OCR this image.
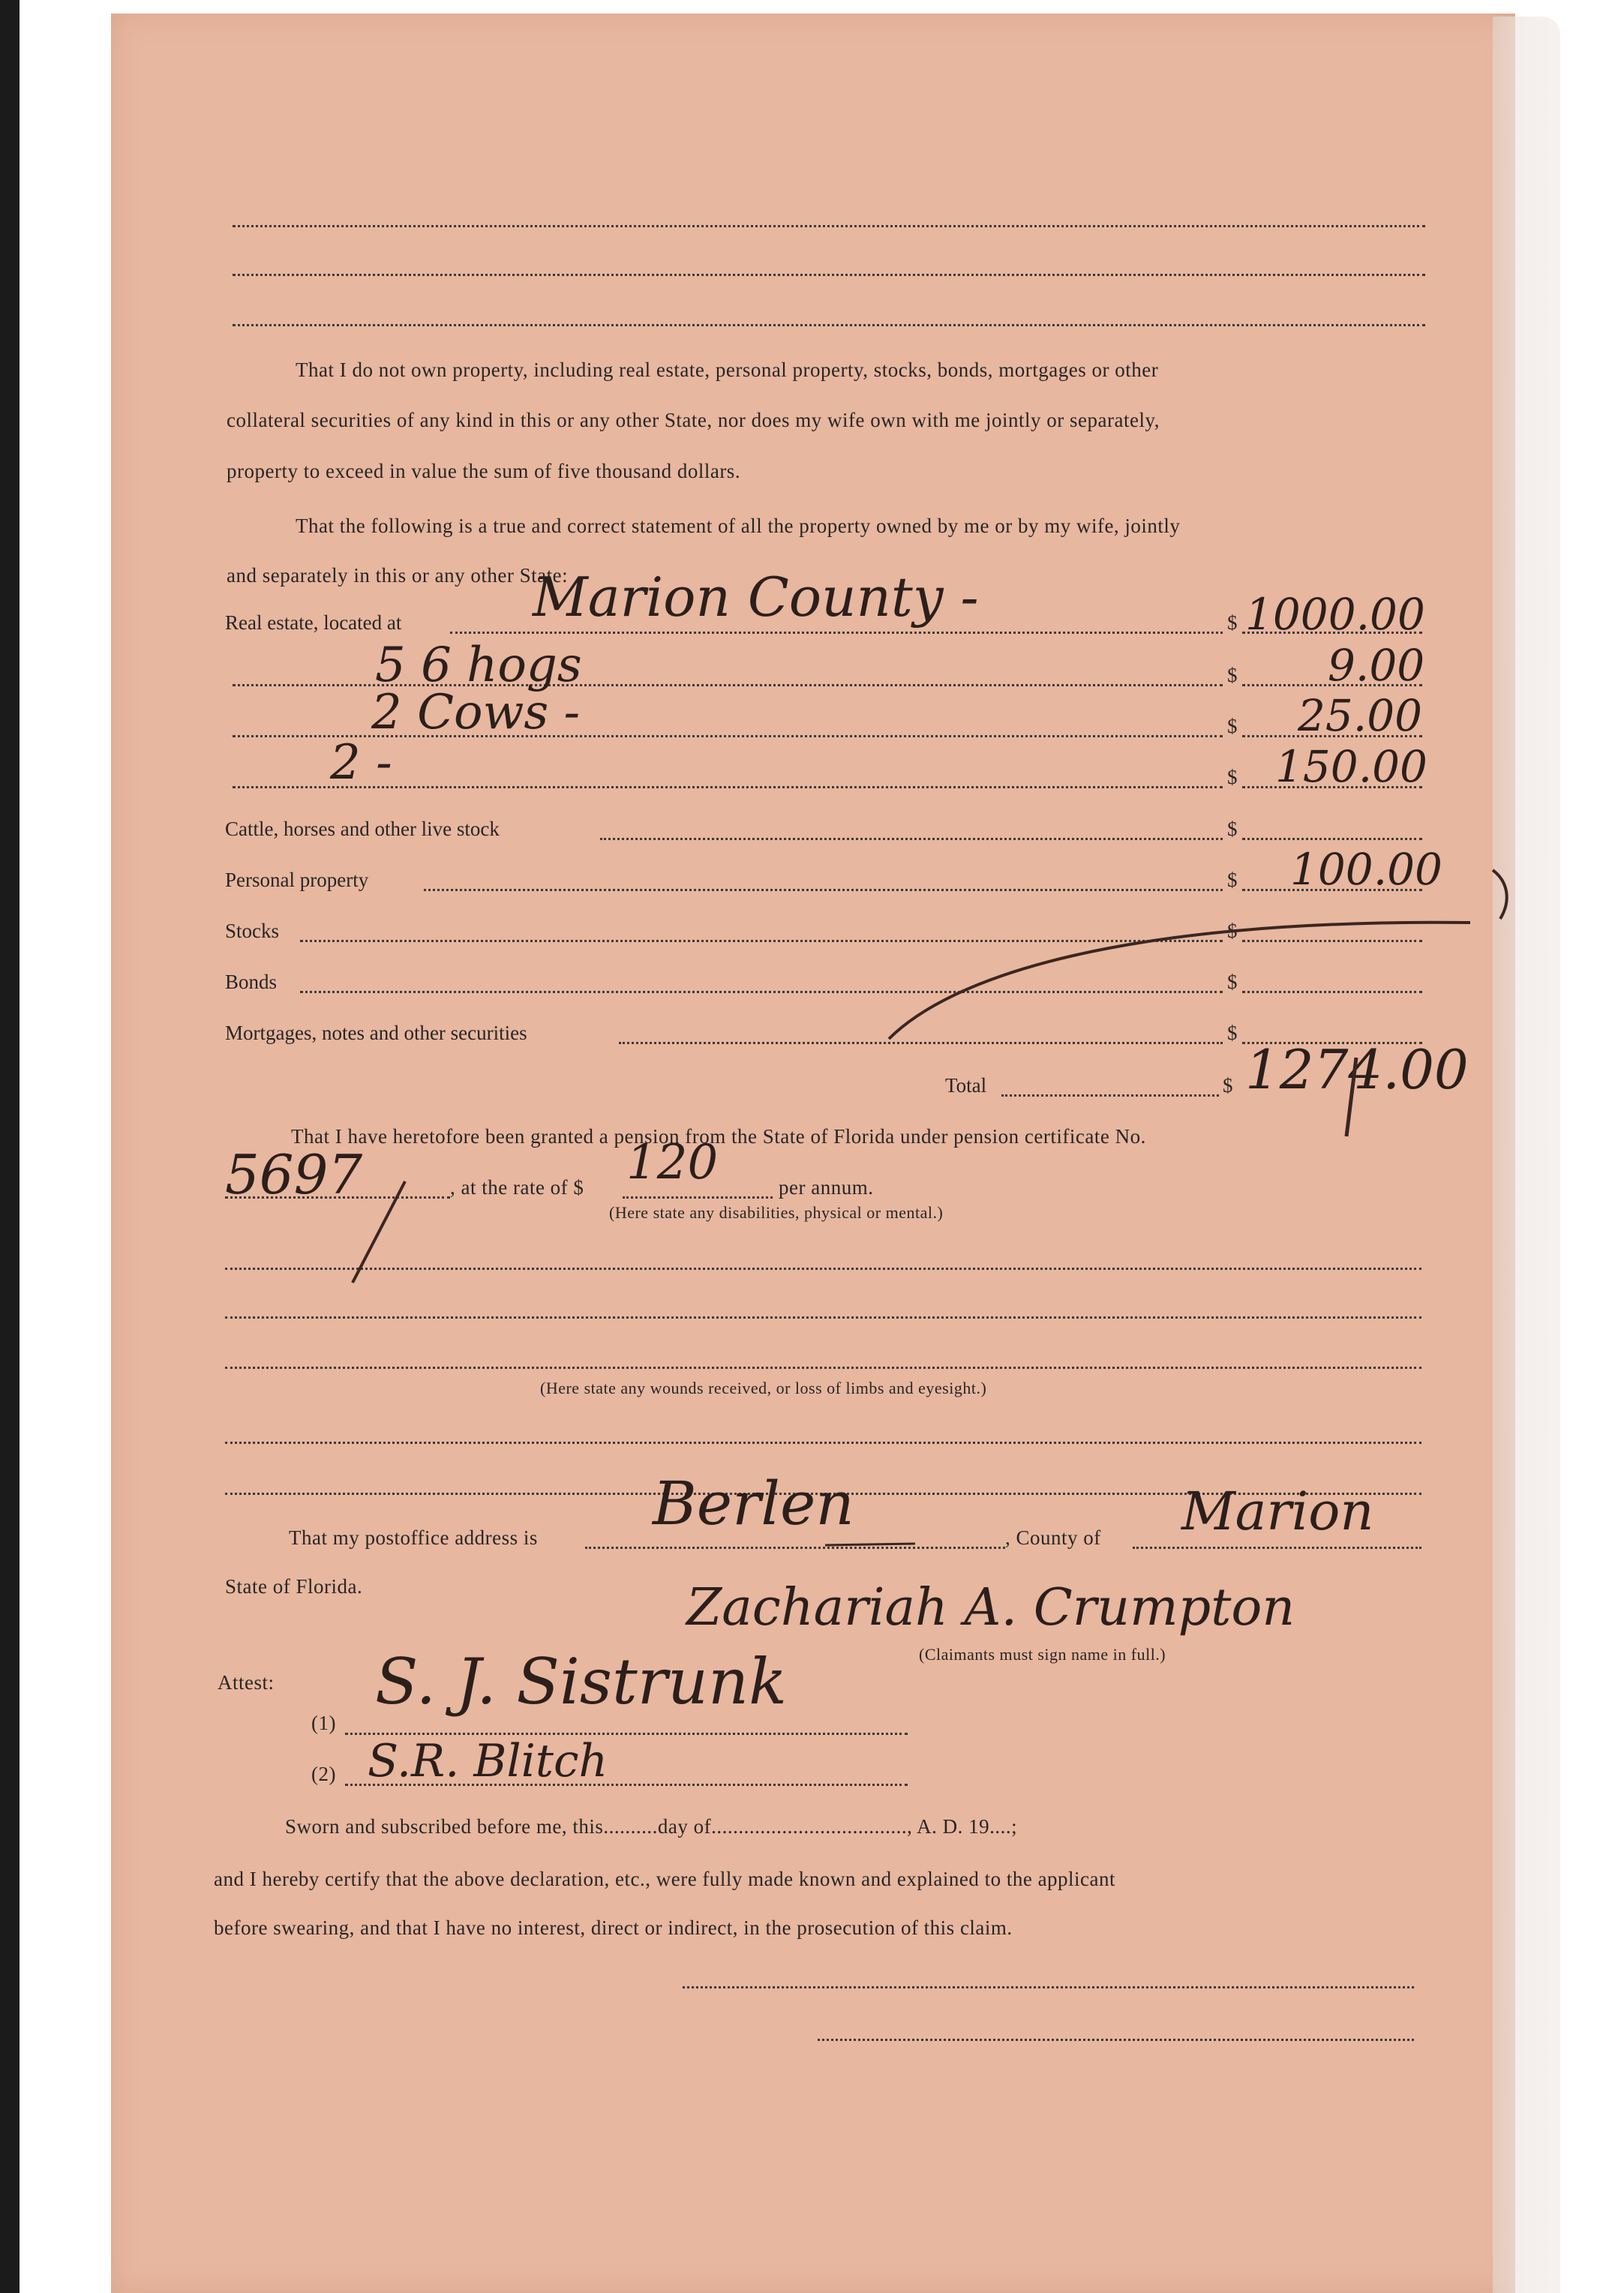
That I do not own property, including real estate, personal property, stocks, bonds, mortgages or other
collateral securities of any kind in this or any other State, nor does my wife own with me jointly or separately,
property to exceed in value the sum of five thousand dollars.
That the following is a true and correct statement of all the property owned by me or by my wife, jointly
and separately in this or any other State:
Real estate, located at Marion County -	$ 1000.00
5 6 hogs	$ 9.00
2 Cows -	$ 25.00
2 -	$ 150.00
Cattle, horses and other live stock	$
Personal property	$ 100.00
Stocks	$
Bonds	$
Mortgages, notes and other securities	$
Total	$ 1274.00
That I have heretofore been granted a pension from the State of Florida under pension certificate No.
5697	, at the rate of $ 120	per annum.
(Here state any disabilities, physical or mental.)
(Here state any wounds received, or loss of limbs and eyesight.)
That my postoffice address is Berlen	, County of Marion
State of Florida.	Zachariah A. Crumpton
(Claimants must sign name in full.)
Attest:
(1)
S. J. Sistrunk
(2) S.R. Blitch
Sworn and subscribed before me, this..........day of...................................., A. D. 19....;
and I hereby certify that the above declaration, etc., were fully made known and explained to the applicant
before swearing, and that I have no interest, direct or indirect, in the prosecution of this claim.
